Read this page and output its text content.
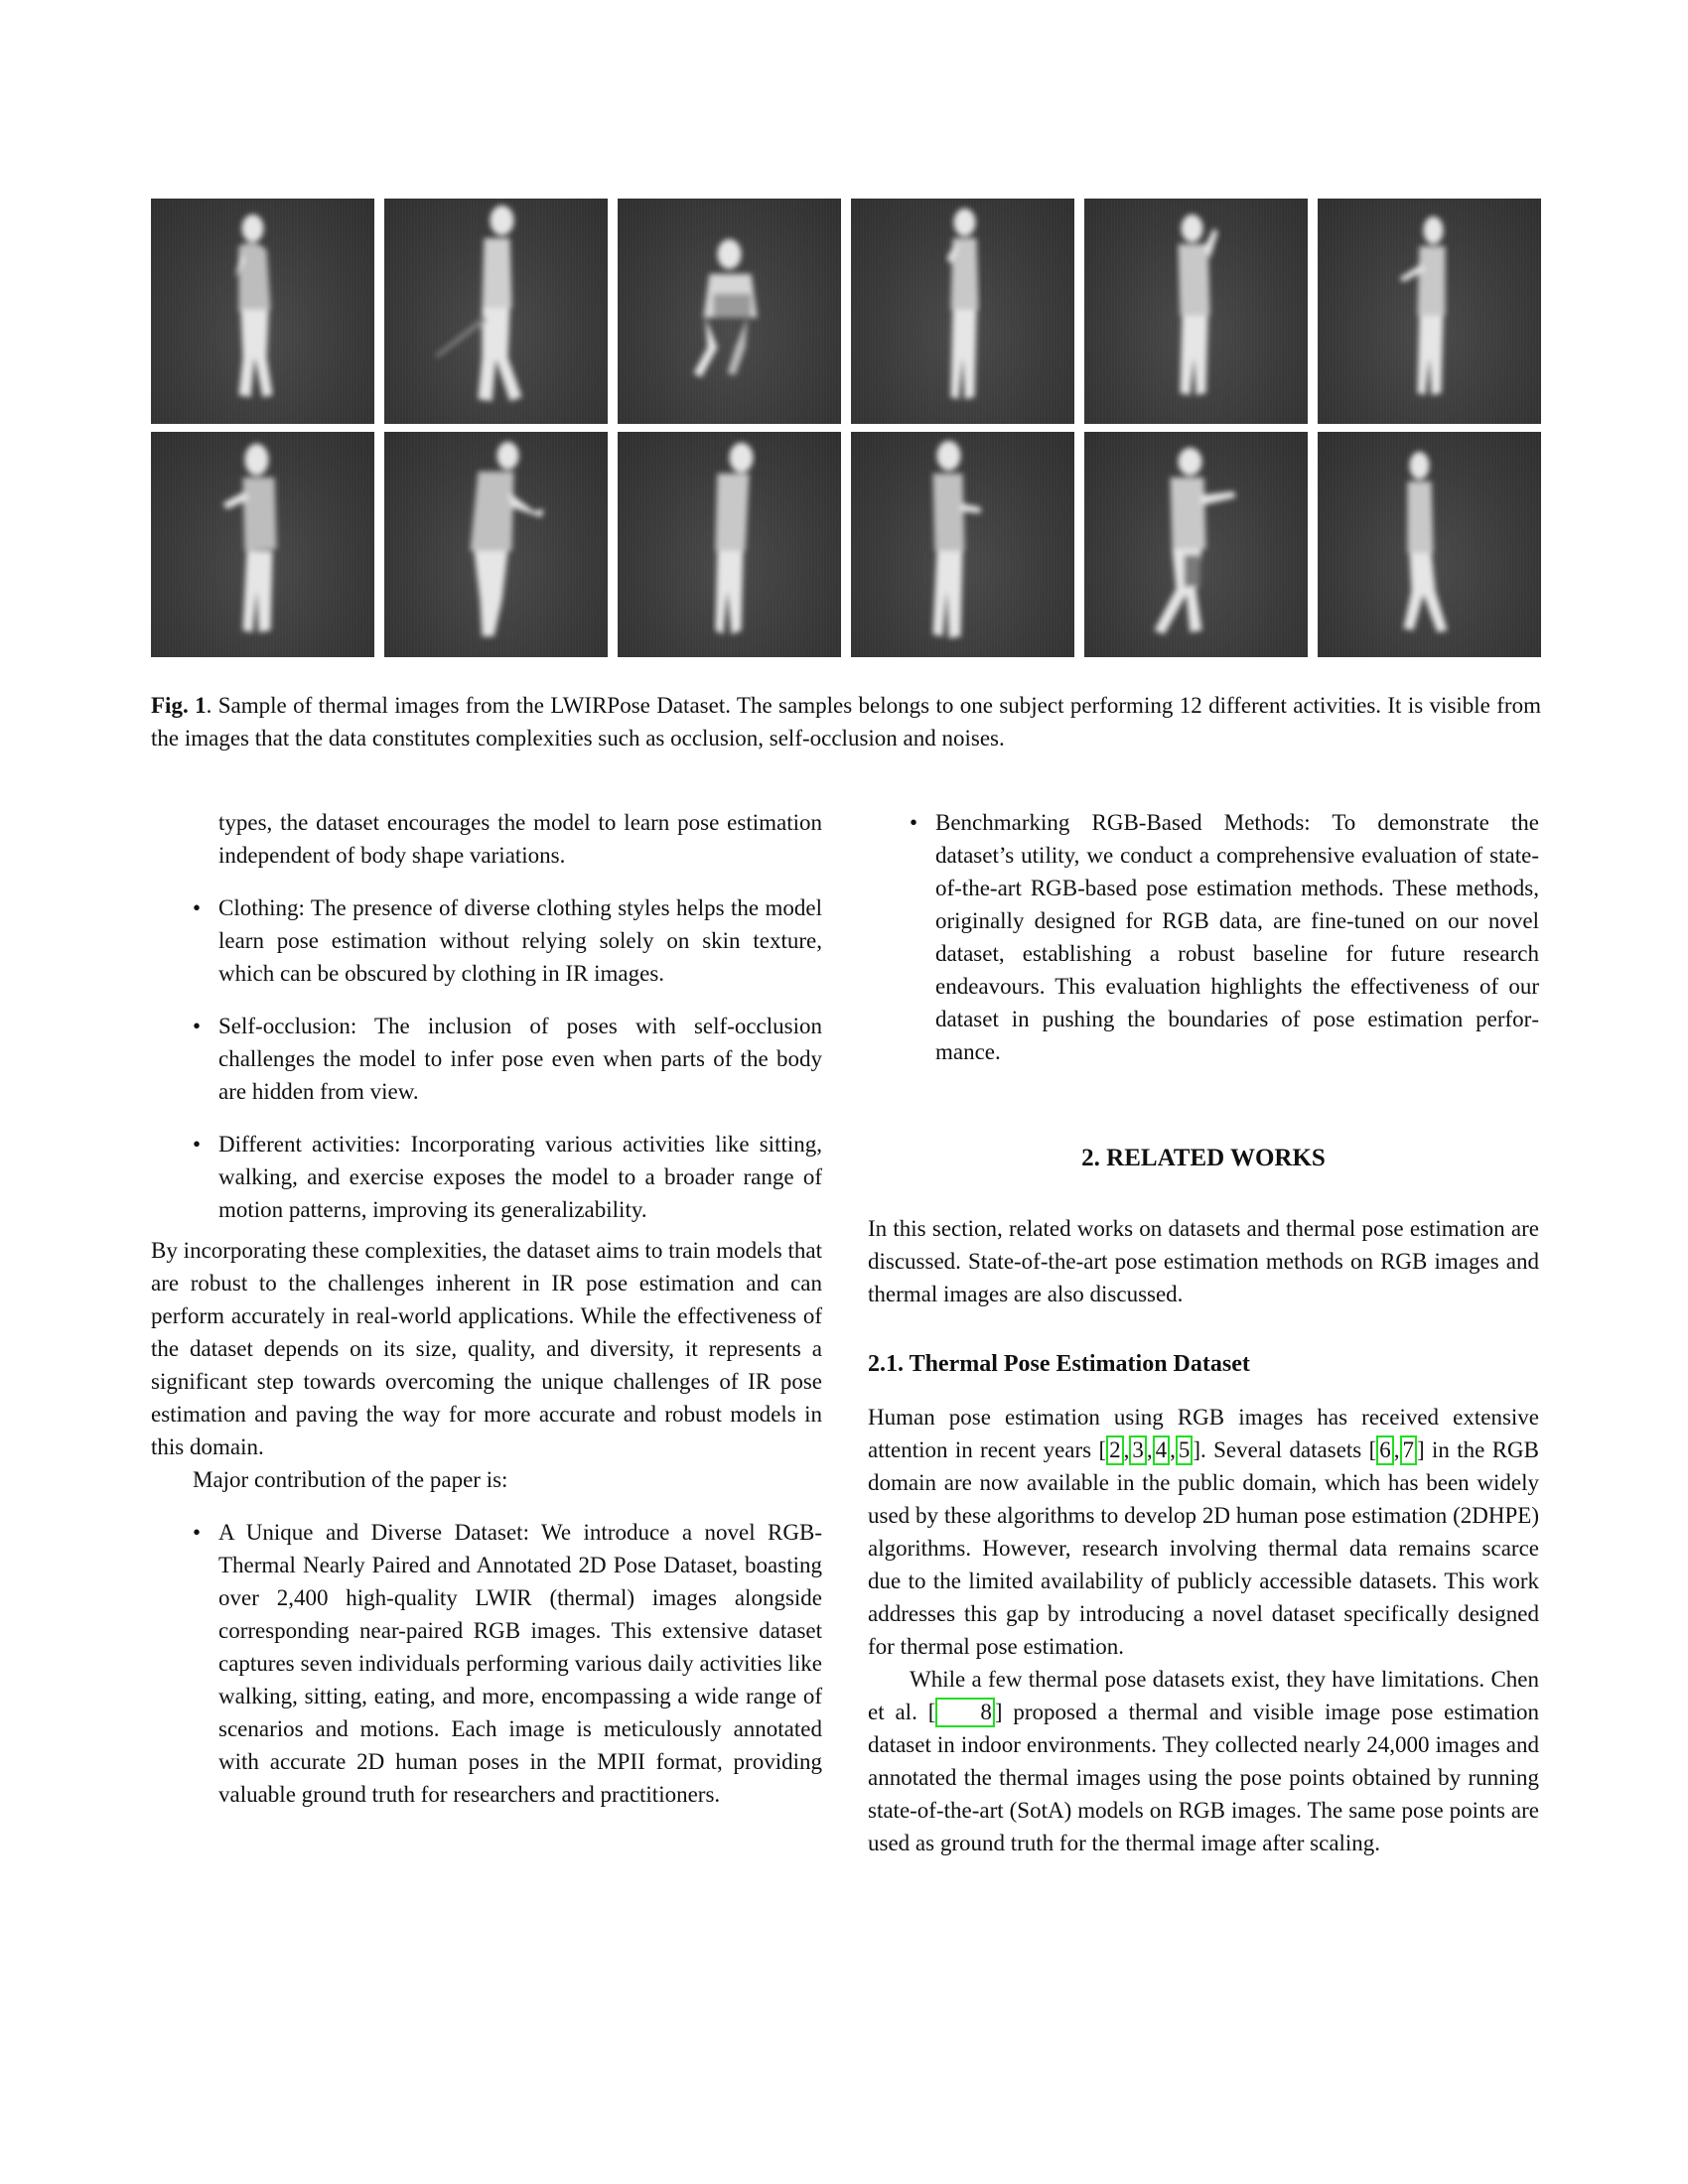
Fig. 1. Sample of thermal images from the LWIRPose Dataset. The samples belongs to one subject performing 12 different activities. It is visible from the images that the data constitutes complexities such as occlusion, self-occlusion and noises.

types, the dataset encourages the model to learn pose estimation independent of body shape variations.

• Clothing: The presence of diverse clothing styles helps the model learn pose estimation without relying solely on skin texture, which can be obscured by clothing in IR images.
• Self-occlusion: The inclusion of poses with self-occlusion challenges the model to infer pose even when parts of the body are hidden from view.
• Different activities: Incorporating various activities like sitting, walking, and exercise exposes the model to a broader range of motion patterns, improving its generalizability.

By incorporating these complexities, the dataset aims to train models that are robust to the challenges inherent in IR pose estimation and can perform accurately in real-world applications. While the effectiveness of the dataset depends on its size, quality, and diversity, it represents a significant step towards overcoming the unique challenges of IR pose estimation and paving the way for more accurate and robust models in this domain.

Major contribution of the paper is:

• A Unique and Diverse Dataset: We introduce a novel RGB-Thermal Nearly Paired and Annotated 2D Pose Dataset, boasting over 2,400 high-quality LWIR (thermal) images alongside corresponding near-paired RGB images. This extensive dataset captures seven individuals performing various daily activities like walking, sitting, eating, and more, encompassing a wide range of scenarios and motions. Each image is meticulously annotated with accurate 2D human poses in the MPII format, providing valuable ground truth for researchers and practitioners.
• Benchmarking RGB-Based Methods: To demonstrate the dataset’s utility, we conduct a comprehensive evaluation of state-of-the-art RGB-based pose estimation methods. These methods, originally designed for RGB data, are fine-tuned on our novel dataset, establishing a robust baseline for future research endeavours. This evaluation highlights the effectiveness of our dataset in pushing the boundaries of pose estimation performance.
2. RELATED WORKS

In this section, related works on datasets and thermal pose estimation are discussed. State-of-the-art pose estimation methods on RGB images and thermal images are also discussed.

2.1. Thermal Pose Estimation Dataset

Human pose estimation using RGB images has received extensive attention in recent years [ 2 , 3 , 4 , 5 ]. Several datasets [ 6 , 7 ] in the RGB domain are now available in the public domain, which has been widely used by these algorithms to develop 2D human pose estimation (2DHPE) algorithms. However, research involving thermal data remains scarce due to the limited availability of publicly accessible datasets. This work addresses this gap by introducing a novel dataset specifically designed for thermal pose estimation.

While a few thermal pose datasets exist, they have limitations. Chen et al. [ 8 ] proposed a thermal and visible image pose estimation dataset in indoor environments. They collected nearly 24,000 images and annotated the thermal images using the pose points obtained by running state-of-the-art (SotA) models on RGB images. The same pose points are used as ground truth for the thermal image after scaling.
